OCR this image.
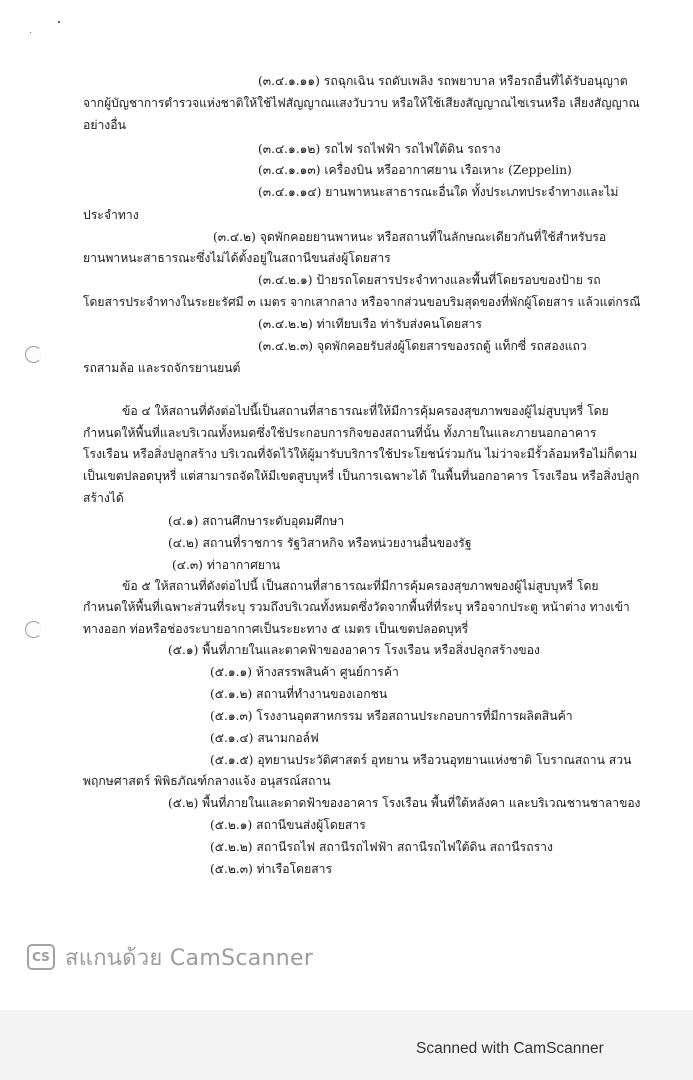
(๓.๔.๑.๑๑) รถฉุกเฉิน รถดับเพลิง รถพยาบาล หรือรถอื่นที่ได้รับอนุญาต
จากผู้บัญชาการตำรวจแห่งชาติให้ใช้ไฟสัญญาณแสงวับวาบ หรือให้ใช้เสียงสัญญาณไซเรนหรือ เสียงสัญญาณ
อย่างอื่น
(๓.๔.๑.๑๒) รถไฟ รถไฟฟ้า รถไฟใต้ดิน รถราง
(๓.๔.๑.๑๓) เครื่องบิน หรืออากาศยาน เรือเหาะ (Zeppelin)
(๓.๔.๑.๑๔) ยานพาหนะสาธารณะอื่นใด ทั้งประเภทประจำทางและไม่
ประจำทาง
(๓.๔.๒) จุดพักคอยยานพาหนะ หรือสถานที่ในลักษณะเดียวกันที่ใช้สำหรับรอ
ยานพาหนะสาธารณะซึ่งไม่ได้ตั้งอยู่ในสถานีขนส่งผู้โดยสาร
(๓.๔.๒.๑) ป้ายรถโดยสารประจำทางและพื้นที่โดยรอบของป้าย รถ
โดยสารประจำทางในระยะรัศมี ๓ เมตร จากเสากลาง หรือจากส่วนขอบริมสุดของที่พักผู้โดยสาร แล้วแต่กรณี
(๓.๔.๒.๒) ท่าเทียบเรือ ท่ารับส่งคนโดยสาร
(๓.๔.๒.๓) จุดพักคอยรับส่งผู้โดยสารของรถตู้ แท็กซี่ รถสองแถว
รถสามล้อ และรถจักรยานยนต์
ข้อ ๔ ให้สถานที่ดังต่อไปนี้เป็นสถานที่สาธารณะที่ให้มีการคุ้มครองสุขภาพของผู้ไม่สูบบุหรี่ โดย
กำหนดให้พื้นที่และบริเวณทั้งหมดซึ่งใช้ประกอบการกิจของสถานที่นั้น ทั้งภายในและภายนอกอาคาร
โรงเรือน หรือสิ่งปลูกสร้าง บริเวณที่จัดไว้ให้ผู้มารับบริการใช้ประโยชน์ร่วมกัน ไม่ว่าจะมีรั้วล้อมหรือไม่ก็ตาม
เป็นเขตปลอดบุหรี่ แต่สามารถจัดให้มีเขตสูบบุหรี่ เป็นการเฉพาะได้ ในพื้นที่นอกอาคาร โรงเรือน หรือสิ่งปลูก
สร้างได้
(๔.๑) สถานศึกษาระดับอุดมศึกษา
(๔.๒) สถานที่ราชการ รัฐวิสาหกิจ หรือหน่วยงานอื่นของรัฐ
(๔.๓) ท่าอากาศยาน
ข้อ ๕ ให้สถานที่ดังต่อไปนี้ เป็นสถานที่สาธารณะที่มีการคุ้มครองสุขภาพของผู้ไม่สูบบุหรี่ โดย
กำหนดให้พื้นที่เฉพาะส่วนที่ระบุ รวมถึงบริเวณทั้งหมดซึ่งวัดจากพื้นที่ที่ระบุ หรือจากประตู หน้าต่าง ทางเข้า
ทางออก ท่อหรือช่องระบายอากาศเป็นระยะทาง ๕ เมตร เป็นเขตปลอดบุหรี่
(๕.๑) พื้นที่ภายในและตาคฟ้าของอาคาร โรงเรือน หรือสิ่งปลูกสร้างของ
(๕.๑.๑) ห้างสรรพสินค้า ศูนย์การค้า
(๕.๑.๒) สถานที่ทำงานของเอกชน
(๕.๑.๓) โรงงานอุตสาหกรรม หรือสถานประกอบการที่มีการผลิตสินค้า
(๕.๑.๔) สนามกอล์ฟ
(๕.๑.๕) อุทยานประวัติศาสตร์ อุทยาน หรือวนอุทยานแห่งชาติ โบราณสถาน สวน
พฤกษศาสตร์ พิพิธภัณฑ์กลางแจ้ง อนุสรณ์สถาน
(๕.๒) พื้นที่ภายในและดาดฟ้าของอาคาร โรงเรือน พื้นที่ใต้หลังคา และบริเวณชานชาลาของ
(๕.๒.๑) สถานีขนส่งผู้โดยสาร
(๕.๒.๒) สถานีรถไฟ สถานีรถไฟฟ้า สถานีรถไฟใต้ดิน สถานีรถราง
(๕.๒.๓) ท่าเรือโดยสาร
CS สแกนด้วย CamScanner
Scanned with CamScanner
